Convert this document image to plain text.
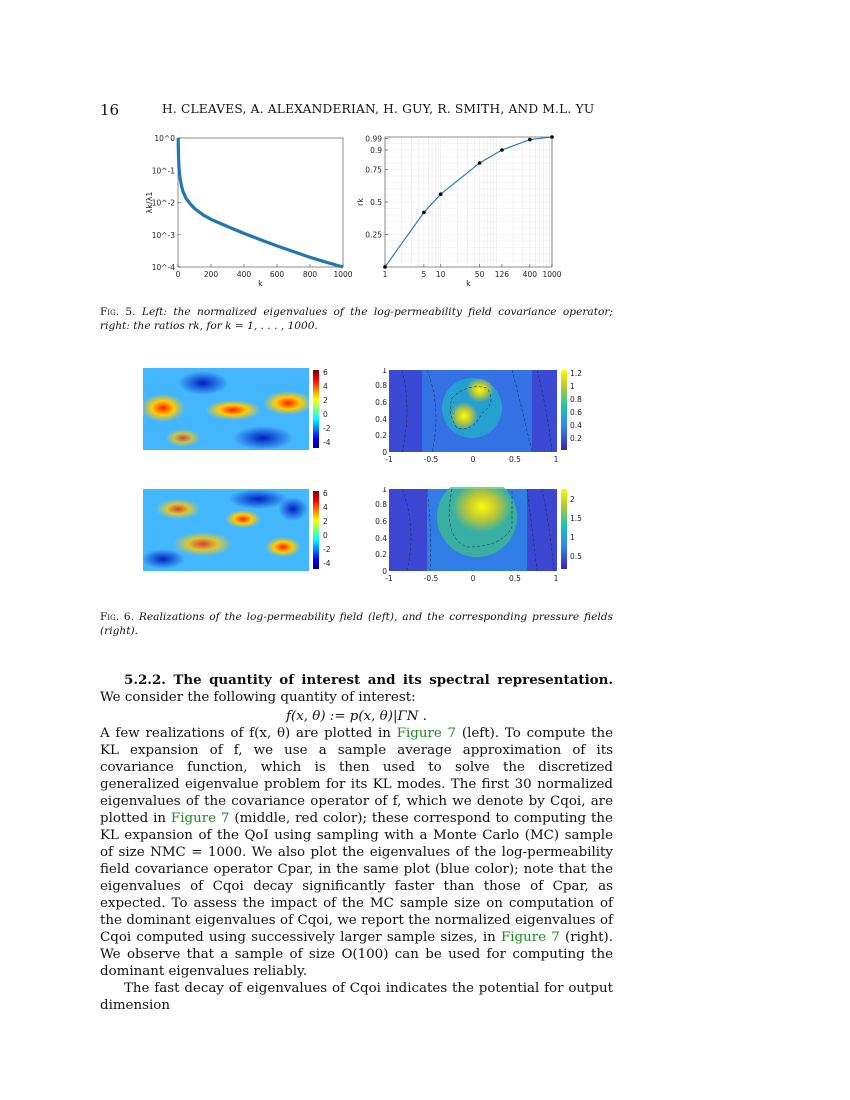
16	H. CLEAVES, A. ALEXANDERIAN, H. GUY, R. SMITH, AND M.L. YU
10^0
10^-1
10^-2
10^-3
10^-4
0	200 400 600 800 1000
k
λk/λ1
0.25
0.5
0.75
0.9
0.99
1	5 10	50 126 400 1000
k
rk
Fig. 5. Left: the normalized eigenvalues of the log-permeability field covariance operator; right: the ratios rk, for k = 1, . . . , 1000.
6
4
2
0
-2
-4
1.2
1
0.8
0.6
0.4
0.2
0
0.2
0.4
0.6
0.8
1
-1	-0.5	0	0.5	1
6
4
2
0
-2
-4
2
1.5
1
0.5
0
0.2
0.4
0.6
0.8
1
-1	-0.5	0	0.5	1
Fig. 6. Realizations of the log-permeability field (left), and the corresponding pressure fields (right).

5.2.2. The quantity of interest and its spectral representation. We consider the following quantity of interest:

f(x, θ) := p(x, θ)|ΓN .

A few realizations of f(x, θ) are plotted in Figure 7 (left). To compute the KL expansion of f, we use a sample average approximation of its covariance function, which is then used to solve the discretized generalized eigenvalue problem for its KL modes. The first 30 normalized eigenvalues of the covariance operator of f, which we denote by Cqoi, are plotted in Figure 7 (middle, red color); these correspond to computing the KL expansion of the QoI using sampling with a Monte Carlo (MC) sample of size NMC = 1000. We also plot the eigenvalues of the log-permeability field covariance operator Cpar, in the same plot (blue color); note that the eigenvalues of Cqoi decay significantly faster than those of Cpar, as expected. To assess the impact of the MC sample size on computation of the dominant eigenvalues of Cqoi, we report the normalized eigenvalues of Cqoi computed using successively larger sample sizes, in Figure 7 (right). We observe that a sample of size O(100) can be used for computing the dominant eigenvalues reliably.

The fast decay of eigenvalues of Cqoi indicates the potential for output dimension
